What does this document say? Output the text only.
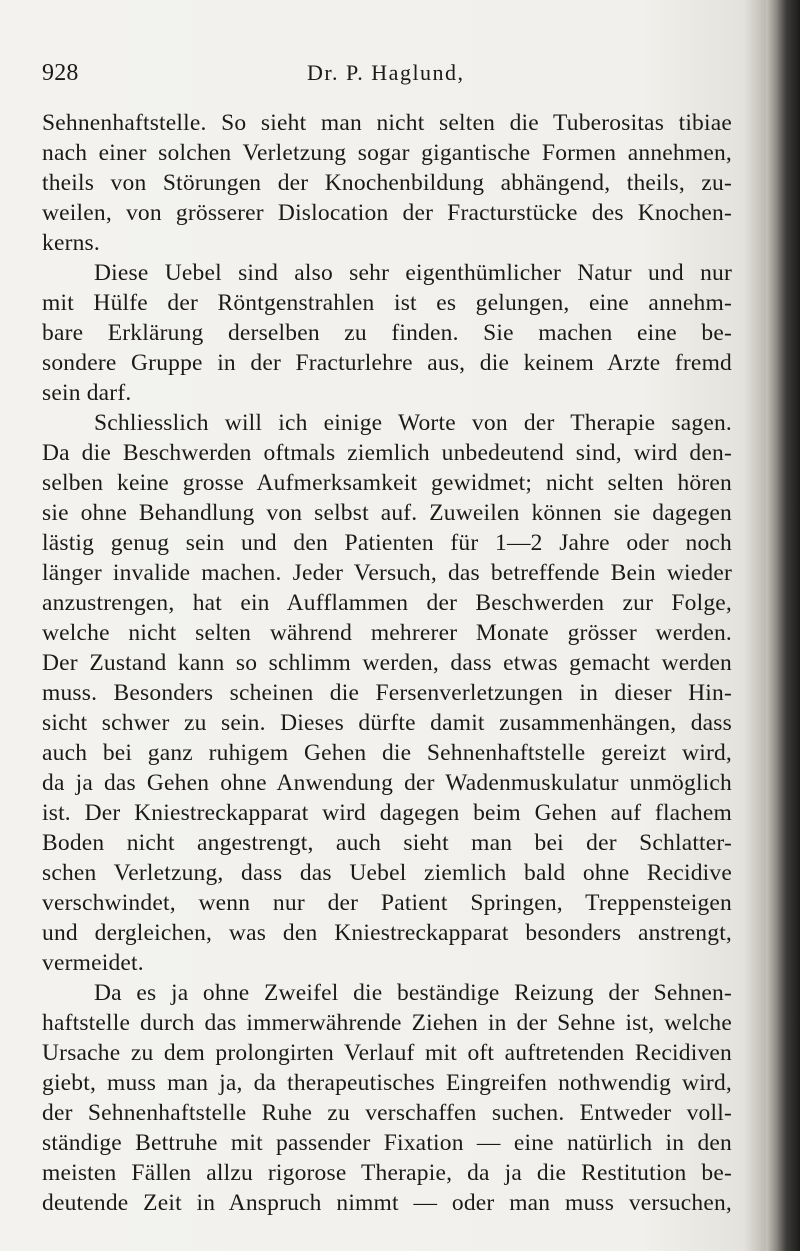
928	Dr. P. Haglund,
Sehnenhaftstelle. So sieht man nicht selten die Tuberositas tibiae
nach einer solchen Verletzung sogar gigantische Formen annehmen,
theils von Störungen der Knochenbildung abhängend, theils, zu-
weilen, von grösserer Dislocation der Fracturstücke des Knochen-
kerns.
Diese Uebel sind also sehr eigenthümlicher Natur und nur
mit Hülfe der Röntgenstrahlen ist es gelungen, eine annehm-
bare Erklärung derselben zu finden. Sie machen eine be-
sondere Gruppe in der Fracturlehre aus, die keinem Arzte fremd
sein darf.
Schliesslich will ich einige Worte von der Therapie sagen.
Da die Beschwerden oftmals ziemlich unbedeutend sind, wird den-
selben keine grosse Aufmerksamkeit gewidmet; nicht selten hören
sie ohne Behandlung von selbst auf. Zuweilen können sie dagegen
lästig genug sein und den Patienten für 1—2 Jahre oder noch
länger invalide machen. Jeder Versuch, das betreffende Bein wieder
anzustrengen, hat ein Aufflammen der Beschwerden zur Folge,
welche nicht selten während mehrerer Monate grösser werden.
Der Zustand kann so schlimm werden, dass etwas gemacht werden
muss. Besonders scheinen die Fersenverletzungen in dieser Hin-
sicht schwer zu sein. Dieses dürfte damit zusammenhängen, dass
auch bei ganz ruhigem Gehen die Sehnenhaftstelle gereizt wird,
da ja das Gehen ohne Anwendung der Wadenmuskulatur unmöglich
ist. Der Kniestreckapparat wird dagegen beim Gehen auf flachem
Boden nicht angestrengt, auch sieht man bei der Schlatter-
schen Verletzung, dass das Uebel ziemlich bald ohne Recidive
verschwindet, wenn nur der Patient Springen, Treppensteigen
und dergleichen, was den Kniestreckapparat besonders anstrengt,
vermeidet.
Da es ja ohne Zweifel die beständige Reizung der Sehnen-
haftstelle durch das immerwährende Ziehen in der Sehne ist, welche
Ursache zu dem prolongirten Verlauf mit oft auftretenden Recidiven
giebt, muss man ja, da therapeutisches Eingreifen nothwendig wird,
der Sehnenhaftstelle Ruhe zu verschaffen suchen. Entweder voll-
ständige Bettruhe mit passender Fixation — eine natürlich in den
meisten Fällen allzu rigorose Therapie, da ja die Restitution be-
deutende Zeit in Anspruch nimmt — oder man muss versuchen,
